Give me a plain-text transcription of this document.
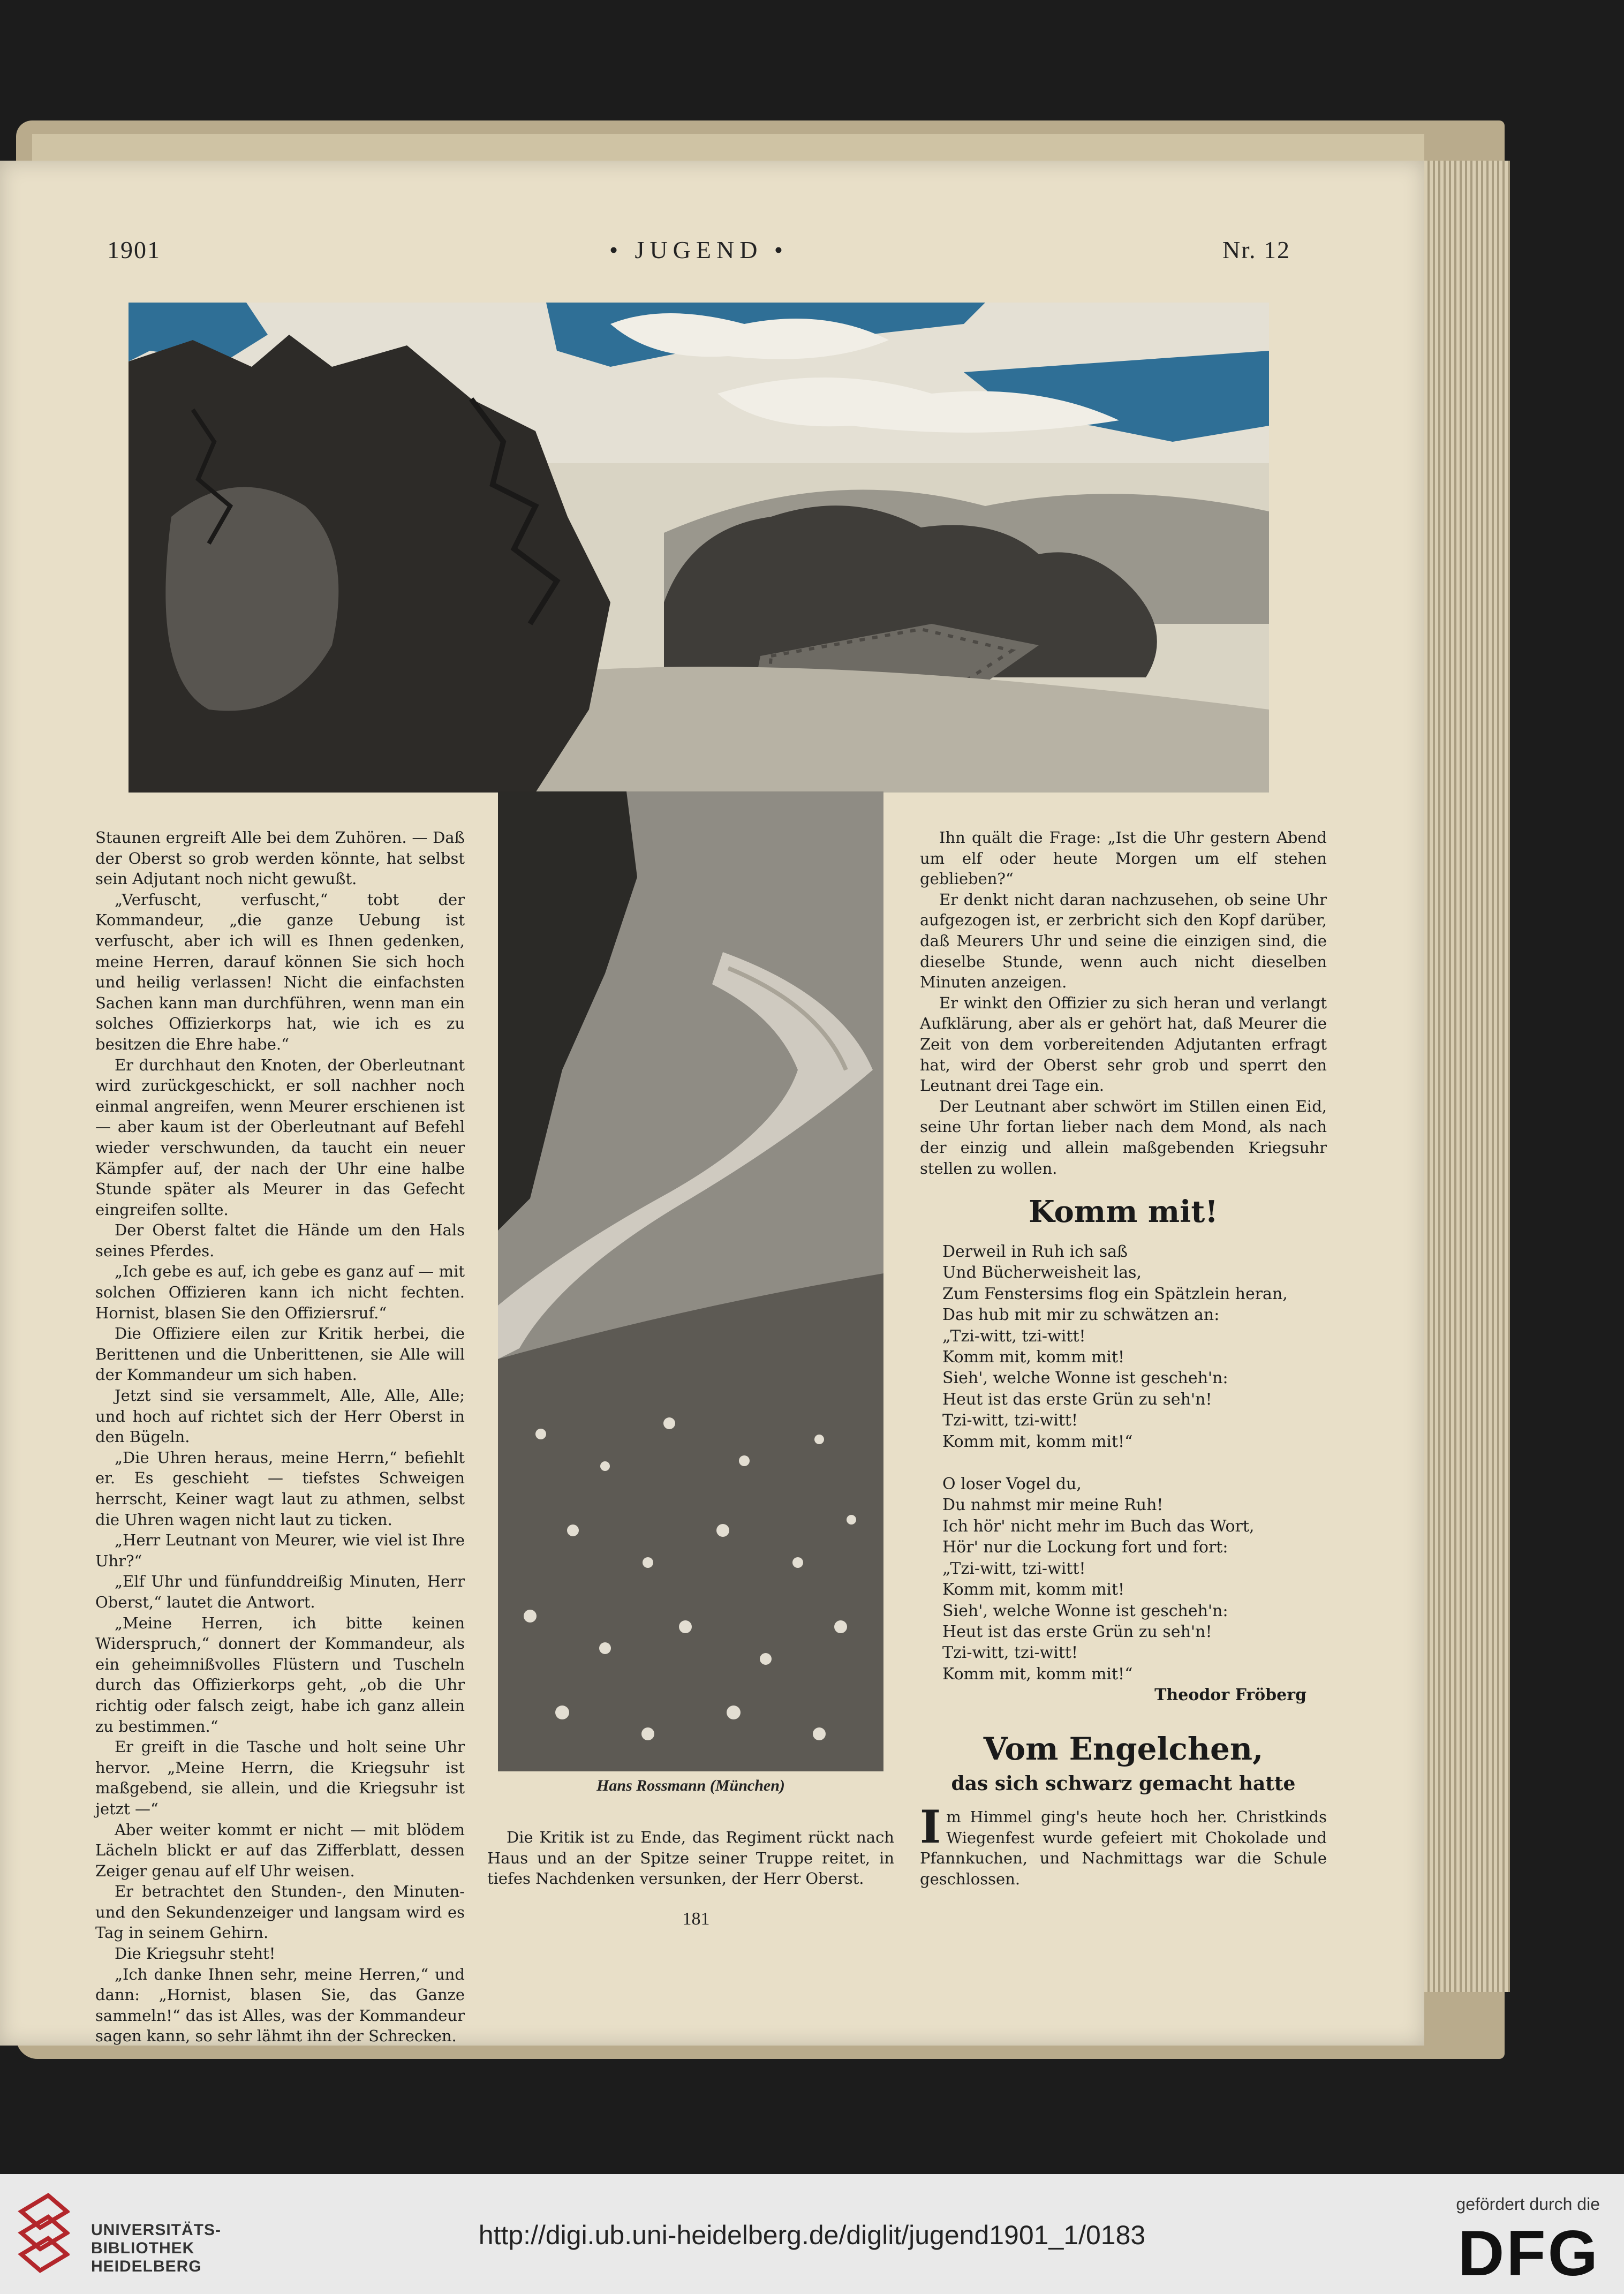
1901	• JUGEND •	Nr. 12
Hans Rossmann (München)

Staunen ergreift Alle bei dem Zuhören. — Daß der Oberst so grob werden könnte, hat selbst sein Adjutant noch nicht gewußt.

„Verfuscht, verfuscht,“ tobt der Kommandeur, „die ganze Uebung ist verfuscht, aber ich will es Ihnen gedenken, meine Herren, darauf können Sie sich hoch und heilig verlassen! Nicht die einfachsten Sachen kann man durchführen, wenn man ein solches Offizierkorps hat, wie ich es zu besitzen die Ehre habe.“

Er durchhaut den Knoten, der Oberleutnant wird zurückgeschickt, er soll nachher noch einmal angreifen, wenn Meurer erschienen ist — aber kaum ist der Oberleutnant auf Befehl wieder verschwunden, da taucht ein neuer Kämpfer auf, der nach der Uhr eine halbe Stunde später als Meurer in das Gefecht eingreifen sollte.

Der Oberst faltet die Hände um den Hals seines Pferdes.

„Ich gebe es auf, ich gebe es ganz auf — mit solchen Offizieren kann ich nicht fechten. Hornist, blasen Sie den Offiziersruf.“

Die Offiziere eilen zur Kritik herbei, die Berittenen und die Unberittenen, sie Alle will der Kommandeur um sich haben.

Jetzt sind sie versammelt, Alle, Alle, Alle; und hoch auf richtet sich der Herr Oberst in den Bügeln.

„Die Uhren heraus, meine Herrn,“ befiehlt er. Es geschieht — tiefstes Schweigen herrscht, Keiner wagt laut zu athmen, selbst die Uhren wagen nicht laut zu ticken.

„Herr Leutnant von Meurer, wie viel ist Ihre Uhr?“

„Elf Uhr und fünfunddreißig Minuten, Herr Oberst,“ lautet die Antwort.

„Meine Herren, ich bitte keinen Widerspruch,“ donnert der Kommandeur, als ein geheimnißvolles Flüstern und Tuscheln durch das Offizierkorps geht, „ob die Uhr richtig oder falsch zeigt, habe ich ganz allein zu bestimmen.“

Er greift in die Tasche und holt seine Uhr hervor. „Meine Herrn, die Kriegsuhr ist maßgebend, sie allein, und die Kriegsuhr ist jetzt —“

Aber weiter kommt er nicht — mit blödem Lächeln blickt er auf das Zifferblatt, dessen Zeiger genau auf elf Uhr weisen.

Er betrachtet den Stunden-, den Minuten- und den Sekundenzeiger und langsam wird es Tag in seinem Gehirn.

Die Kriegsuhr steht!

„Ich danke Ihnen sehr, meine Herren,“ und dann: „Hornist, blasen Sie, das Ganze sammeln!“ das ist Alles, was der Kommandeur sagen kann, so sehr lähmt ihn der Schrecken.

Die Kritik ist zu Ende, das Regiment rückt nach Haus und an der Spitze seiner Truppe reitet, in tiefes Nachdenken versunken, der Herr Oberst.

Ihn quält die Frage: „Ist die Uhr gestern Abend um elf oder heute Morgen um elf stehen geblieben?“

Er denkt nicht daran nachzusehen, ob seine Uhr aufgezogen ist, er zerbricht sich den Kopf darüber, daß Meurers Uhr und seine die einzigen sind, die dieselbe Stunde, wenn auch nicht dieselben Minuten anzeigen.

Er winkt den Offizier zu sich heran und verlangt Aufklärung, aber als er gehört hat, daß Meurer die Zeit von dem vorbereitenden Adjutanten erfragt hat, wird der Oberst sehr grob und sperrt den Leutnant drei Tage ein.

Der Leutnant aber schwört im Stillen einen Eid, seine Uhr fortan lieber nach dem Mond, als nach der einzig und allein maßgebenden Kriegsuhr stellen zu wollen.

Komm mit!
Derweil in Ruh ich saß
Und Bücherweisheit las,
Zum Fenstersims flog ein Spätzlein heran,
Das hub mit mir zu schwätzen an:
„Tzi-witt, tzi-witt!
Komm mit, komm mit!
Sieh', welche Wonne ist gescheh'n:
Heut ist das erste Grün zu seh'n!
Tzi-witt, tzi-witt!
Komm mit, komm mit!“
O loser Vogel du,
Du nahmst mir meine Ruh!
Ich hör' nicht mehr im Buch das Wort,
Hör' nur die Lockung fort und fort:
„Tzi-witt, tzi-witt!
Komm mit, komm mit!
Sieh', welche Wonne ist gescheh'n:
Heut ist das erste Grün zu seh'n!
Tzi-witt, tzi-witt!
Komm mit, komm mit!“
Theodor Fröberg
Vom Engelchen,
das sich schwarz gemacht hatte
I m Himmel ging's heute hoch her. Christkinds Wiegenfest wurde gefeiert mit Chokolade und Pfannkuchen, und Nachmittags war die Schule geschlossen.
181
UNIVERSITÄTS-
BIBLIOTHEK
HEIDELBERG
http://digi.ub.uni-heidelberg.de/diglit/jugend1901_1/0183
gefördert durch die
DFG
